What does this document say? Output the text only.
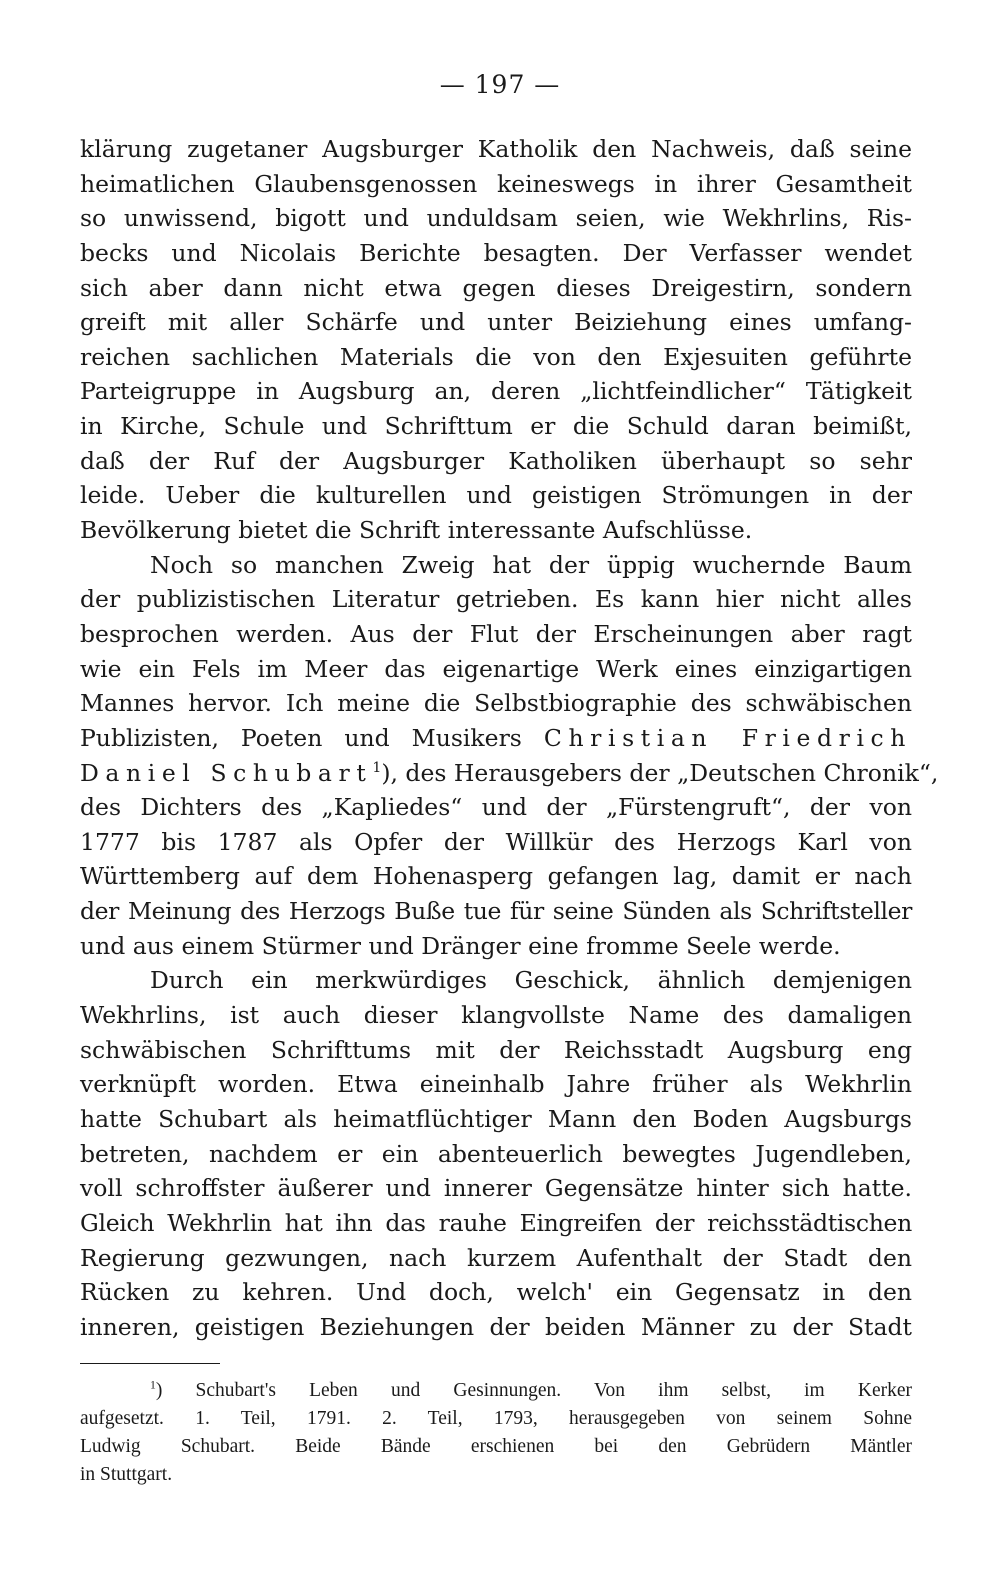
— 197 —
klärung zugetaner Augsburger Katholik den Nachweis, daß seine
heimatlichen Glaubensgenossen keineswegs in ihrer Gesamtheit
so unwissend, bigott und unduldsam seien, wie Wekhrlins, Ris-
becks und Nicolais Berichte besagten. Der Verfasser wendet
sich aber dann nicht etwa gegen dieses Dreigestirn, sondern
greift mit aller Schärfe und unter Beiziehung eines umfang-
reichen sachlichen Materials die von den Exjesuiten geführte
Parteigruppe in Augsburg an, deren „lichtfeindlicher“ Tätigkeit
in Kirche, Schule und Schrifttum er die Schuld daran beimißt,
daß der Ruf der Augsburger Katholiken überhaupt so sehr
leide. Ueber die kulturellen und geistigen Strömungen in der
Bevölkerung bietet die Schrift interessante Aufschlüsse.
Noch so manchen Zweig hat der üppig wuchernde Baum
der publizistischen Literatur getrieben. Es kann hier nicht alles
besprochen werden. Aus der Flut der Erscheinungen aber ragt
wie ein Fels im Meer das eigenartige Werk eines einzigartigen
Mannes hervor. Ich meine die Selbstbiographie des schwäbischen
Publizisten, Poeten und Musikers Christian Friedrich
Daniel Schubart$^1$), des Herausgebers der „Deutschen Chronik“,
des Dichters des „Kapliedes“ und der „Fürstengruft“, der von
1777 bis 1787 als Opfer der Willkür des Herzogs Karl von
Württemberg auf dem Hohenasperg gefangen lag, damit er nach
der Meinung des Herzogs Buße tue für seine Sünden als Schriftsteller
und aus einem Stürmer und Dränger eine fromme Seele werde.
Durch ein merkwürdiges Geschick, ähnlich demjenigen
Wekhrlins, ist auch dieser klangvollste Name des damaligen
schwäbischen Schrifttums mit der Reichsstadt Augsburg eng
verknüpft worden. Etwa eineinhalb Jahre früher als Wekhrlin
hatte Schubart als heimatflüchtiger Mann den Boden Augsburgs
betreten, nachdem er ein abenteuerlich bewegtes Jugendleben,
voll schroffster äußerer und innerer Gegensätze hinter sich hatte.
Gleich Wekhrlin hat ihn das rauhe Eingreifen der reichsstädtischen
Regierung gezwungen, nach kurzem Aufenthalt der Stadt den
Rücken zu kehren. Und doch, welch' ein Gegensatz in den
inneren, geistigen Beziehungen der beiden Männer zu der Stadt
$^1$) Schubart's Leben und Gesinnungen. Von ihm selbst, im Kerker
aufgesetzt. 1. Teil, 1791. 2. Teil, 1793, herausgegeben von seinem Sohne
Ludwig Schubart. Beide Bände erschienen bei den Gebrüdern Mäntler
in Stuttgart.
